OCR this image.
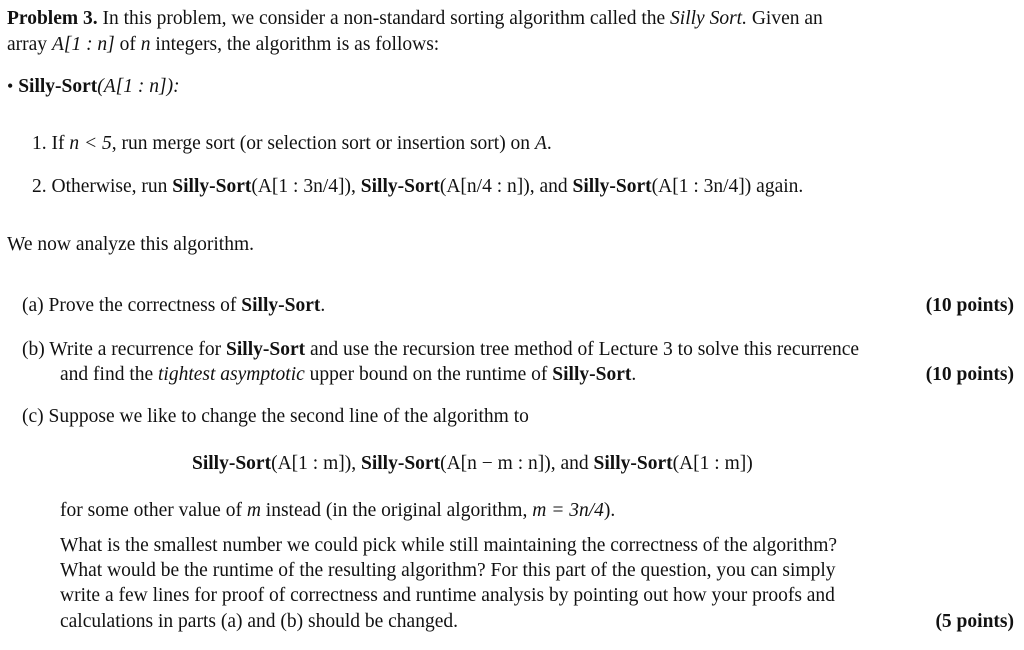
Problem 3. In this problem, we consider a non-standard sorting algorithm called the Silly Sort. Given an
array A[1 : n] of n integers, the algorithm is as follows:
• Silly-Sort(A[1 : n]):
1. If n < 5, run merge sort (or selection sort or insertion sort) on A.
2. Otherwise, run Silly-Sort(A[1 : 3n/4]), Silly-Sort(A[n/4 : n]), and Silly-Sort(A[1 : 3n/4]) again.
We now analyze this algorithm.
(a) Prove the correctness of Silly-Sort.	(10 points)
(b) Write a recurrence for Silly-Sort and use the recursion tree method of Lecture 3 to solve this recurrence
and find the tightest asymptotic upper bound on the runtime of Silly-Sort.	(10 points)
(c) Suppose we like to change the second line of the algorithm to
Silly-Sort(A[1 : m]), Silly-Sort(A[n − m : n]), and Silly-Sort(A[1 : m])
for some other value of m instead (in the original algorithm, m = 3n/4).
What is the smallest number we could pick while still maintaining the correctness of the algorithm?
What would be the runtime of the resulting algorithm? For this part of the question, you can simply
write a few lines for proof of correctness and runtime analysis by pointing out how your proofs and
calculations in parts (a) and (b) should be changed.	(5 points)
